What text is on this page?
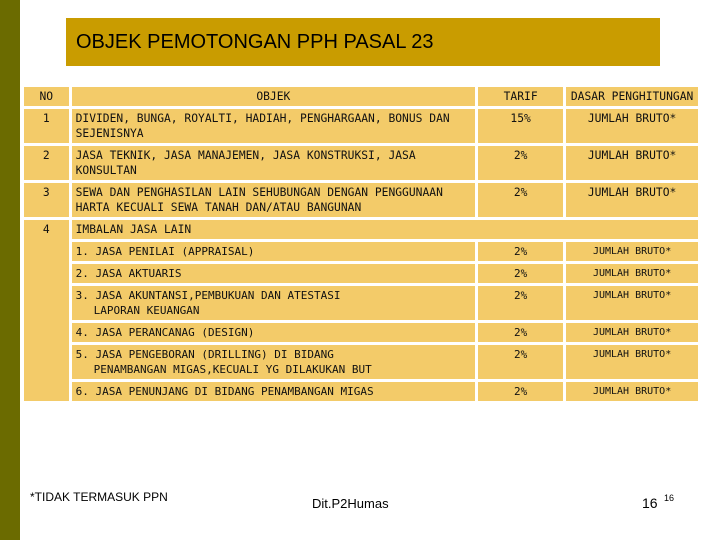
OBJEK PEMOTONGAN PPH PASAL 23
NO	OBJEK	TARIF	DASAR PENGHITUNGAN
1	DIVIDEN, BUNGA, ROYALTI, HADIAH, PENGHARGAAN, BONUS DAN SEJENISNYA	15%	JUMLAH BRUTO*
2	JASA TEKNIK, JASA MANAJEMEN, JASA KONSTRUKSI, JASA KONSULTAN	2%	JUMLAH BRUTO*
3	SEWA DAN PENGHASILAN LAIN SEHUBUNGAN DENGAN PENGGUNAAN HARTA KECUALI SEWA TANAH DAN/ATAU BANGUNAN	2%	JUMLAH BRUTO*
4	IMBALAN JASA LAIN		
	1. JASA PENILAI (APPRAISAL)	2%	JUMLAH BRUTO*
	2. JASA AKTUARIS	2%	JUMLAH BRUTO*

	3. JASA AKUNTANSI,PEMBUKUAN DAN ATESTASI
LAPORAN KEUANGAN	2%	JUMLAH BRUTO*
	4. JASA PERANCANAG (DESIGN)	2%	JUMLAH BRUTO*

	5. JASA PENGEBORAN (DRILLING) DI BIDANG
PENAMBANGAN MIGAS,KECUALI YG DILAKUKAN BUT	2%	JUMLAH BRUTO*
	6. JASA PENUNJANG DI BIDANG PENAMBANGAN MIGAS	2%	JUMLAH BRUTO*
*TIDAK TERMASUK PPN	Dit.P2Humas	16 16
